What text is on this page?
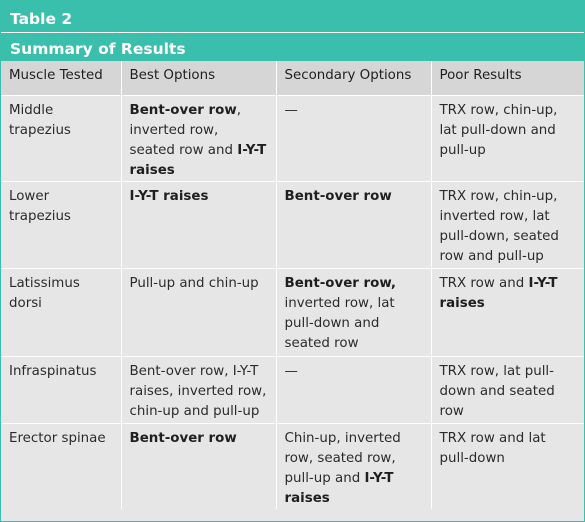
Table 2
Summary of Results
Muscle Tested	Best Options	Secondary Options	Poor Results
Middle trapezius	Bent-over row, inverted row, seated row and I-Y-T raises	—	TRX row, chin-up, lat pull-down and pull-up
Lower trapezius	I-Y-T raises	Bent-over row	TRX row, chin-up, inverted row, lat pull-down, seated row and pull-up
Latissimus dorsi	Pull-up and chin-up	Bent-over row, inverted row, lat pull-down and seated row	TRX row and I-Y-T raises
Infraspinatus	Bent-over row, I-Y-T raises, inverted row, chin-up and pull-up	—	TRX row, lat pull-down and seated row
Erector spinae	Bent-over row	Chin-up, inverted row, seated row, pull-up and I-Y-T raises	TRX row and lat pull-down
